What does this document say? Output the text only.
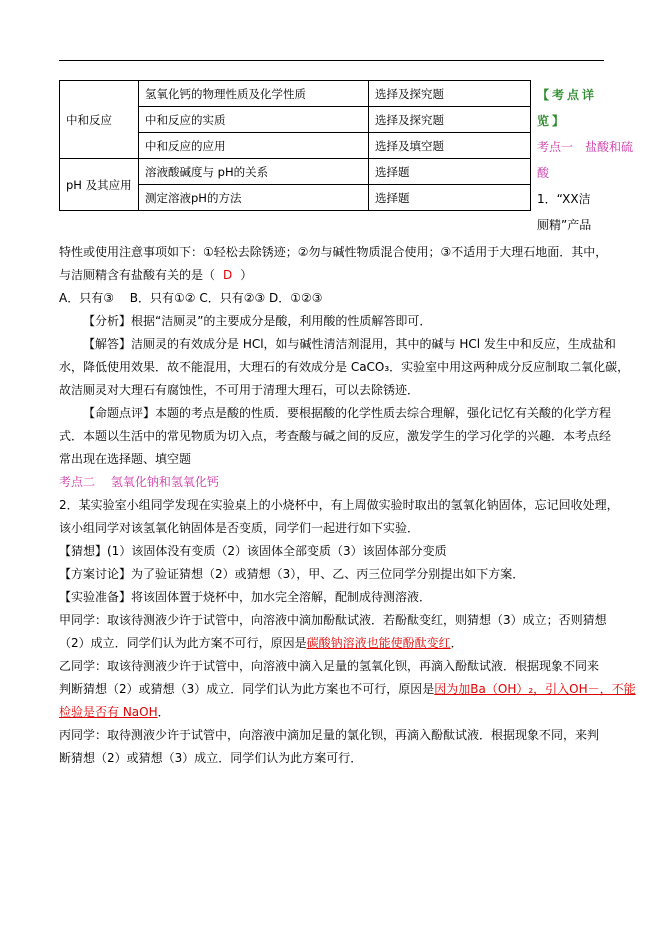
中和反应	氢氧化钙的物理性质及化学性质	选择及探究题
	中和反应的实质	选择及探究题
	中和反应的应用	选择及填空题
pH 及其应用	溶液酸碱度与 pH的关系	选择题
	测定溶液pH的方法	选择题
【考点详
览】
考点一　盐酸和硫
酸
1．“XX洁
厕精”产品
特性或使用注意事项如下：①轻松去除锈迹；②勿与碱性物质混合使用；③不适用于大理石地面．其中，
与洁厕精含有盐酸有关的是（ D ）
A．只有③　 B．只有①② C．只有②③ D．①②③
【分析】根据“洁厕灵”的主要成分是酸，利用酸的性质解答即可．
【解答】洁厕灵的有效成分是 HCl，如与碱性清洁剂混用，其中的碱与 HCl 发生中和反应，生成盐和
水，降低使用效果．故不能混用，大理石的有效成分是 CaCO₃．实验室中用这两种成分反应制取二氧化碳，
故洁厕灵对大理石有腐蚀性，不可用于清理大理石，可以去除锈迹．
【命题点评】本题的考点是酸的性质．要根据酸的化学性质去综合理解，强化记忆有关酸的化学方程
式．本题以生活中的常见物质为切入点，考查酸与碱之间的反应，激发学生的学习化学的兴趣．本考点经
常出现在选择题、填空题
考点二　 氢氧化钠和氢氧化钙
2．某实验室小组同学发现在实验桌上的小烧杯中，有上周做实验时取出的氢氧化钠固体，忘记回收处理，
该小组同学对该氢氧化钠固体是否变质，同学们一起进行如下实验．
【猜想】(1）该固体没有变质（2）该固体全部变质（3）该固体部分变质
【方案讨论】为了验证猜想（2）或猜想（3），甲、乙、丙三位同学分别提出如下方案．
【实验准备】将该固体置于烧杯中，加水完全溶解，配制成待测溶液．
甲同学：取该待测液少许于试管中，向溶液中滴加酚酞试液．若酚酞变红，则猜想（3）成立；否则猜想
（2）成立．同学们认为此方案不可行，原因是碳酸钠溶液也能使酚酞变红．
乙同学：取该待测液少许于试管中，向溶液中滴入足量的氢氧化钡，再滴入酚酞试液．根据现象不同来
判断猜想（2）或猜想（3）成立．同学们认为此方案也不可行，原因是因为加Ba（OH）₂，引入OH－，不能
检验是否有 NaOH．
丙同学：取待测液少许于试管中，向溶液中滴加足量的氯化钡，再滴入酚酞试液．根据现象不同，来判
断猜想（2）或猜想（3）成立．同学们认为此方案可行．
